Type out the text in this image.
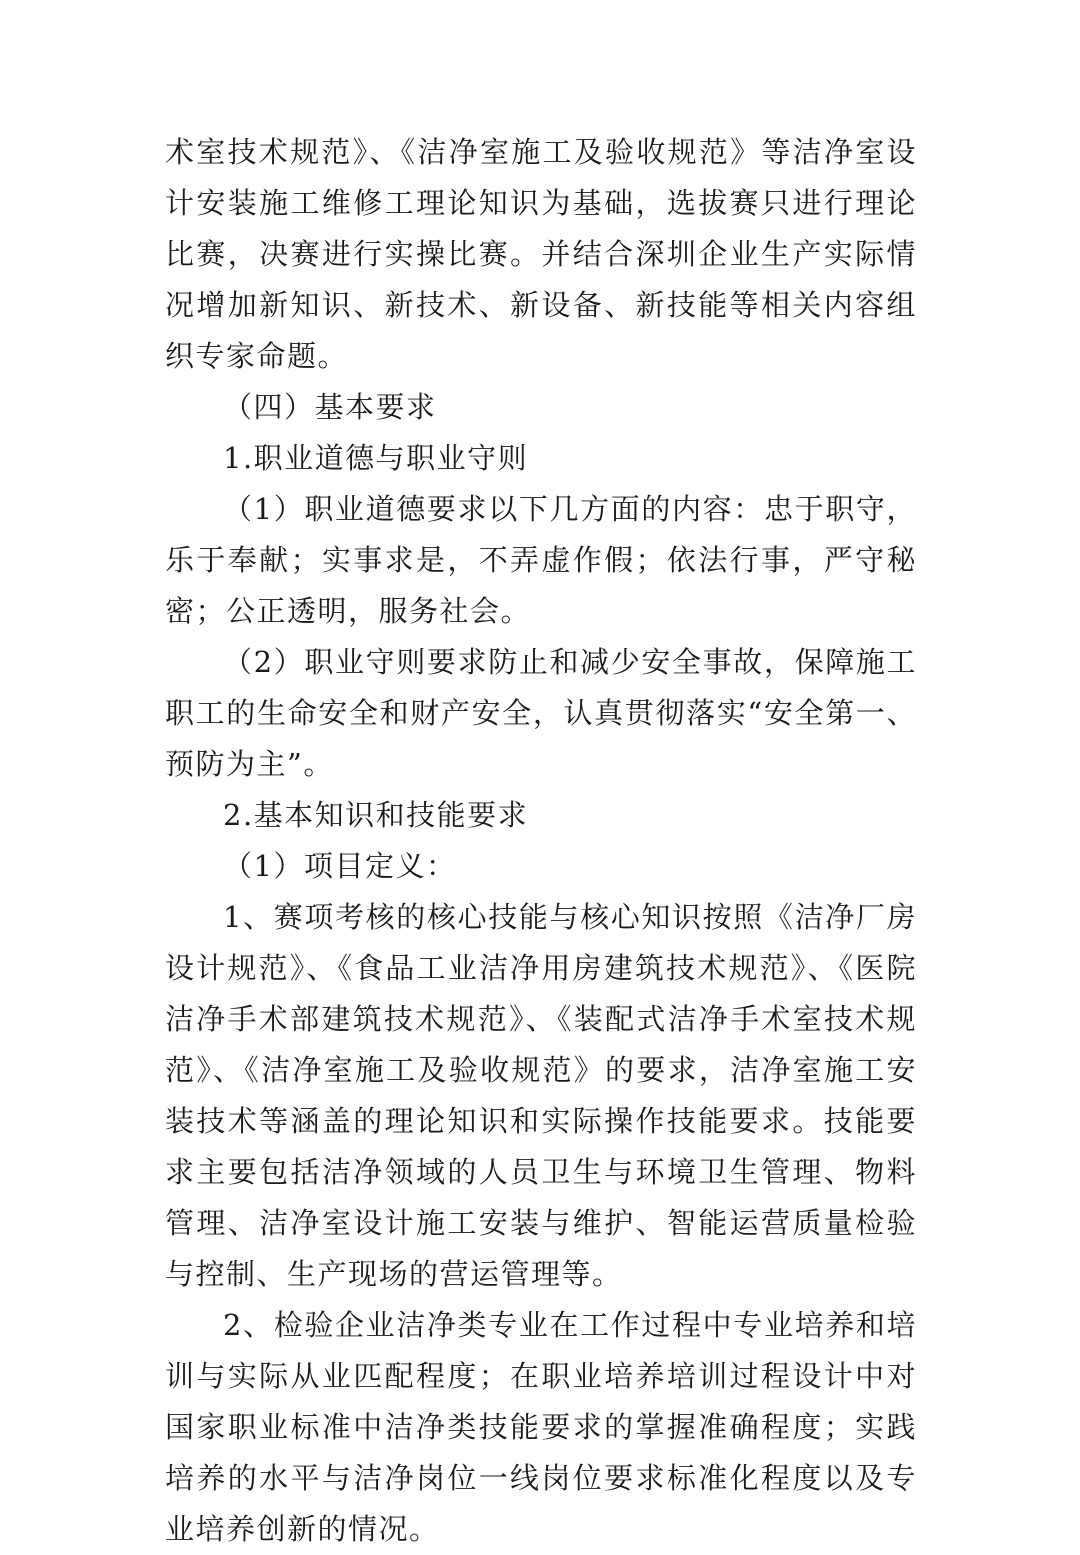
术室技术规范》、《洁净室施工及验收规范》等洁净室设计安装施工维修工理论知识为基础，选拔赛只进行理论比赛，决赛进行实操比赛。并结合深圳企业生产实际情况增加新知识、新技术、新设备、新技能等相关内容组织专家命题。

（四）基本要求

1.职业道德与职业守则

（1）职业道德要求以下几方面的内容：忠于职守，乐于奉献；实事求是，不弄虚作假；依法行事，严守秘密；公正透明，服务社会。

（2）职业守则要求防止和减少安全事故，保障施工职工的生命安全和财产安全，认真贯彻落实“安全第一、预防为主”。

2.基本知识和技能要求

（1）项目定义：

1、赛项考核的核心技能与核心知识按照《洁净厂房设计规范》、《食品工业洁净用房建筑技术规范》、《医院洁净手术部建筑技术规范》、《装配式洁净手术室技术规范》、《洁净室施工及验收规范》的要求，洁净室施工安装技术等涵盖的理论知识和实际操作技能要求。技能要求主要包括洁净领域的人员卫生与环境卫生管理、物料管理、洁净室设计施工安装与维护、智能运营质量检验与控制、生产现场的营运管理等。

2、检验企业洁净类专业在工作过程中专业培养和培训与实际从业匹配程度；在职业培养培训过程设计中对国家职业标准中洁净类技能要求的掌握准确程度；实践培养的水平与洁净岗位一线岗位要求标准化程度以及专业培养创新的情况。
